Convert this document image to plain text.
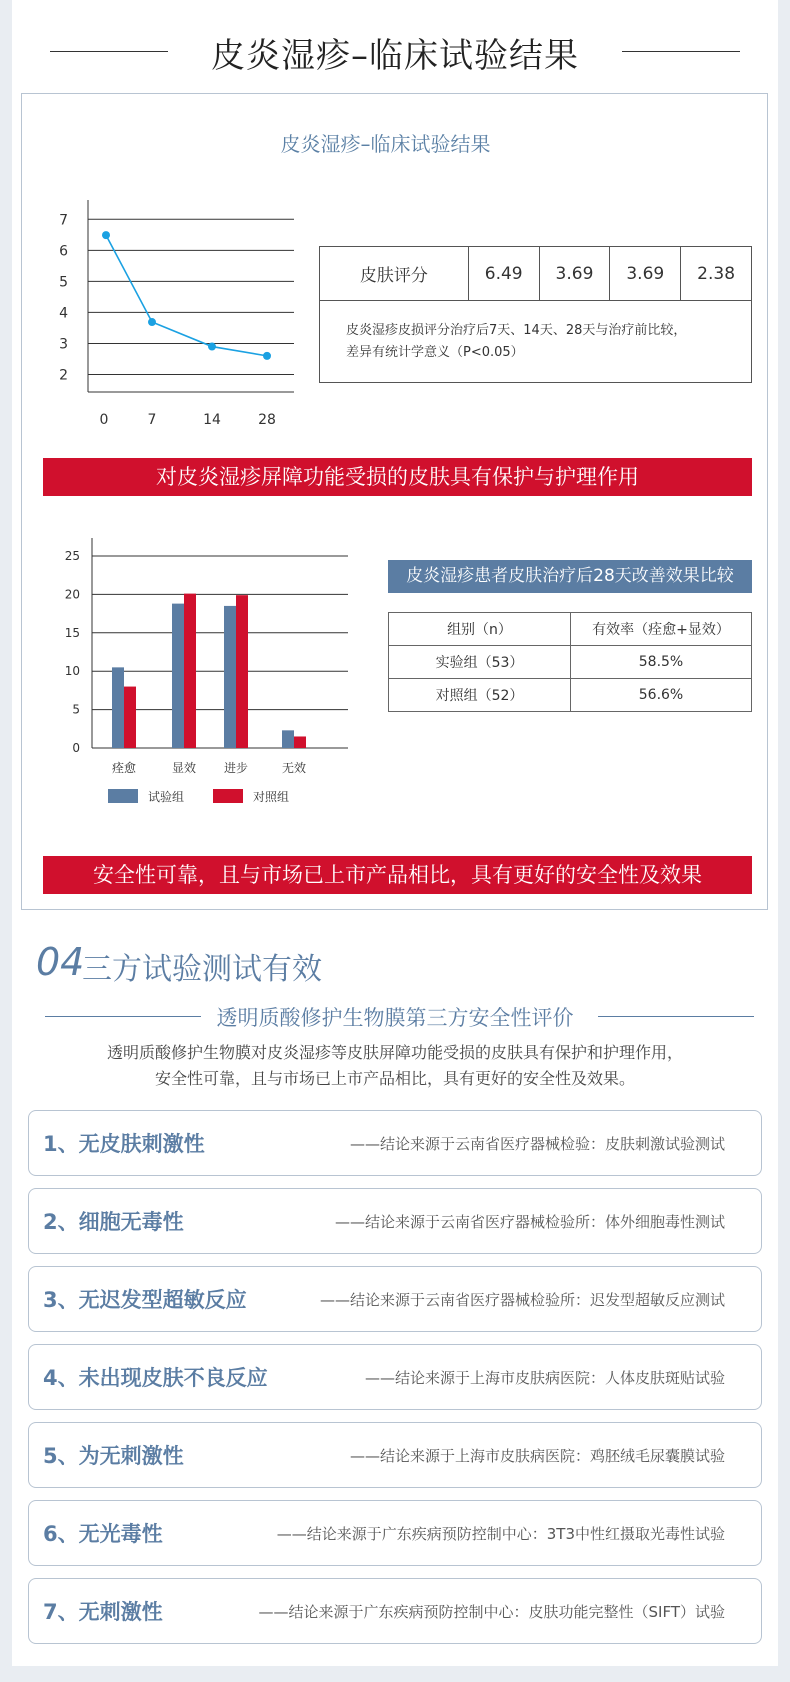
皮炎湿疹–临床试验结果
皮炎湿疹–临床试验结果
7
6
5
4
3
2
0	7	14	28
皮肤评分	6.49	3.69	3.69	2.38
皮炎湿疹皮损评分治疗后7天、14天、28天与治疗前比较，
差异有统计学意义（P<0.05）
对皮炎湿疹屏障功能受损的皮肤具有保护与护理作用
0
5
10
15
20
25
痊愈	显效 进步	无效
试验组	对照组
皮炎湿疹患者皮肤治疗后28天改善效果比较
组别（n）	有效率（痊愈+显效）
实验组（53）	58.5%
对照组（52）	56.6%
安全性可靠，且与市场已上市产品相比，具有更好的安全性及效果
04
三方试验测试有效
透明质酸修护生物膜第三方安全性评价
透明质酸修护生物膜对皮炎湿疹等皮肤屏障功能受损的皮肤具有保护和护理作用，
安全性可靠，且与市场已上市产品相比，具有更好的安全性及效果。
1、无皮肤刺激性	——结论来源于云南省医疗器械检验：皮肤刺激试验测试
2、细胞无毒性	——结论来源于云南省医疗器械检验所：体外细胞毒性测试
3、无迟发型超敏反应	——结论来源于云南省医疗器械检验所：迟发型超敏反应测试
4、未出现皮肤不良反应	——结论来源于上海市皮肤病医院：人体皮肤斑贴试验
5、为无刺激性	——结论来源于上海市皮肤病医院：鸡胚绒毛尿囊膜试验
6、无光毒性	——结论来源于广东疾病预防控制中心：3T3中性红摄取光毒性试验
7、无刺激性	——结论来源于广东疾病预防控制中心：皮肤功能完整性（SIFT）试验
